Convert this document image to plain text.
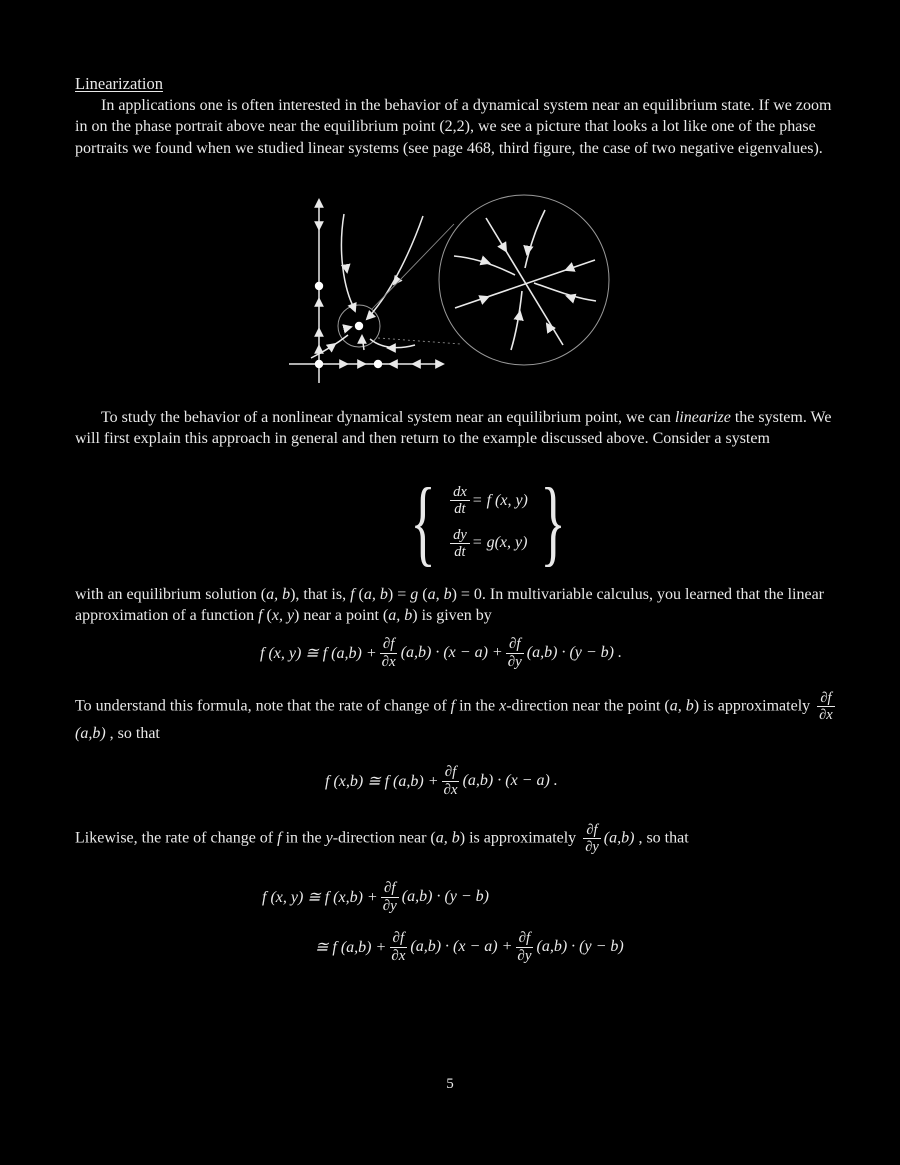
Linearization
In applications one is often interested in the behavior of a dynamical system near an equilibrium state. If we zoom in on the phase portrait above near the equilibrium point (2,2), we see a picture that looks a lot like one of the phase portraits we found when we studied linear systems (see page 468, third figure, the case of two negative eigenvalues).
To study the behavior of a nonlinear dynamical system near an equilibrium point, we can linearize the system. We will first explain this approach in general and then return to the example discussed above. Consider a system
{ $\frac{dx}{dt} = f$ (x, y)
$\frac{dy}{dt} = g(x$, y) }
with an equilibrium solution (a, b), that is, f (a, b) = g (a, b) = 0. In multivariable calculus, you learned that the linear approximation of a function f (x, y) near a point (a, b) is given by
f (x, y) ≅ f $(a,b) + \frac{\partial f}{\partial x} (a,b) \cdot (x - a) + \frac{\partial f}{\partial y} (a,b) \cdot (y - b)$ .
To understand this formula, note that the rate of change of f in the x-direction near the point (a, b) is approximately $\frac{\partial f}{\partial x}$
(a,b) , so that
f (x,b) ≅ f $(a,b) + \frac{\partial f}{\partial x} (a,b) \cdot (x - a)$ .
Likewise, the rate of change of f in the y-direction near (a, b) is approximately $\frac{\partial f}{\partial y} (a,b)$ , so that
f (x, y) ≅ f $(x,b) + \frac{\partial f}{\partial y} (a,b) \cdot (y - b)$
≅ f $(a,b) + \frac{\partial f}{\partial x} (a,b) \cdot (x - a) + \frac{\partial f}{\partial y} (a,b) \cdot (y - b)$
5
